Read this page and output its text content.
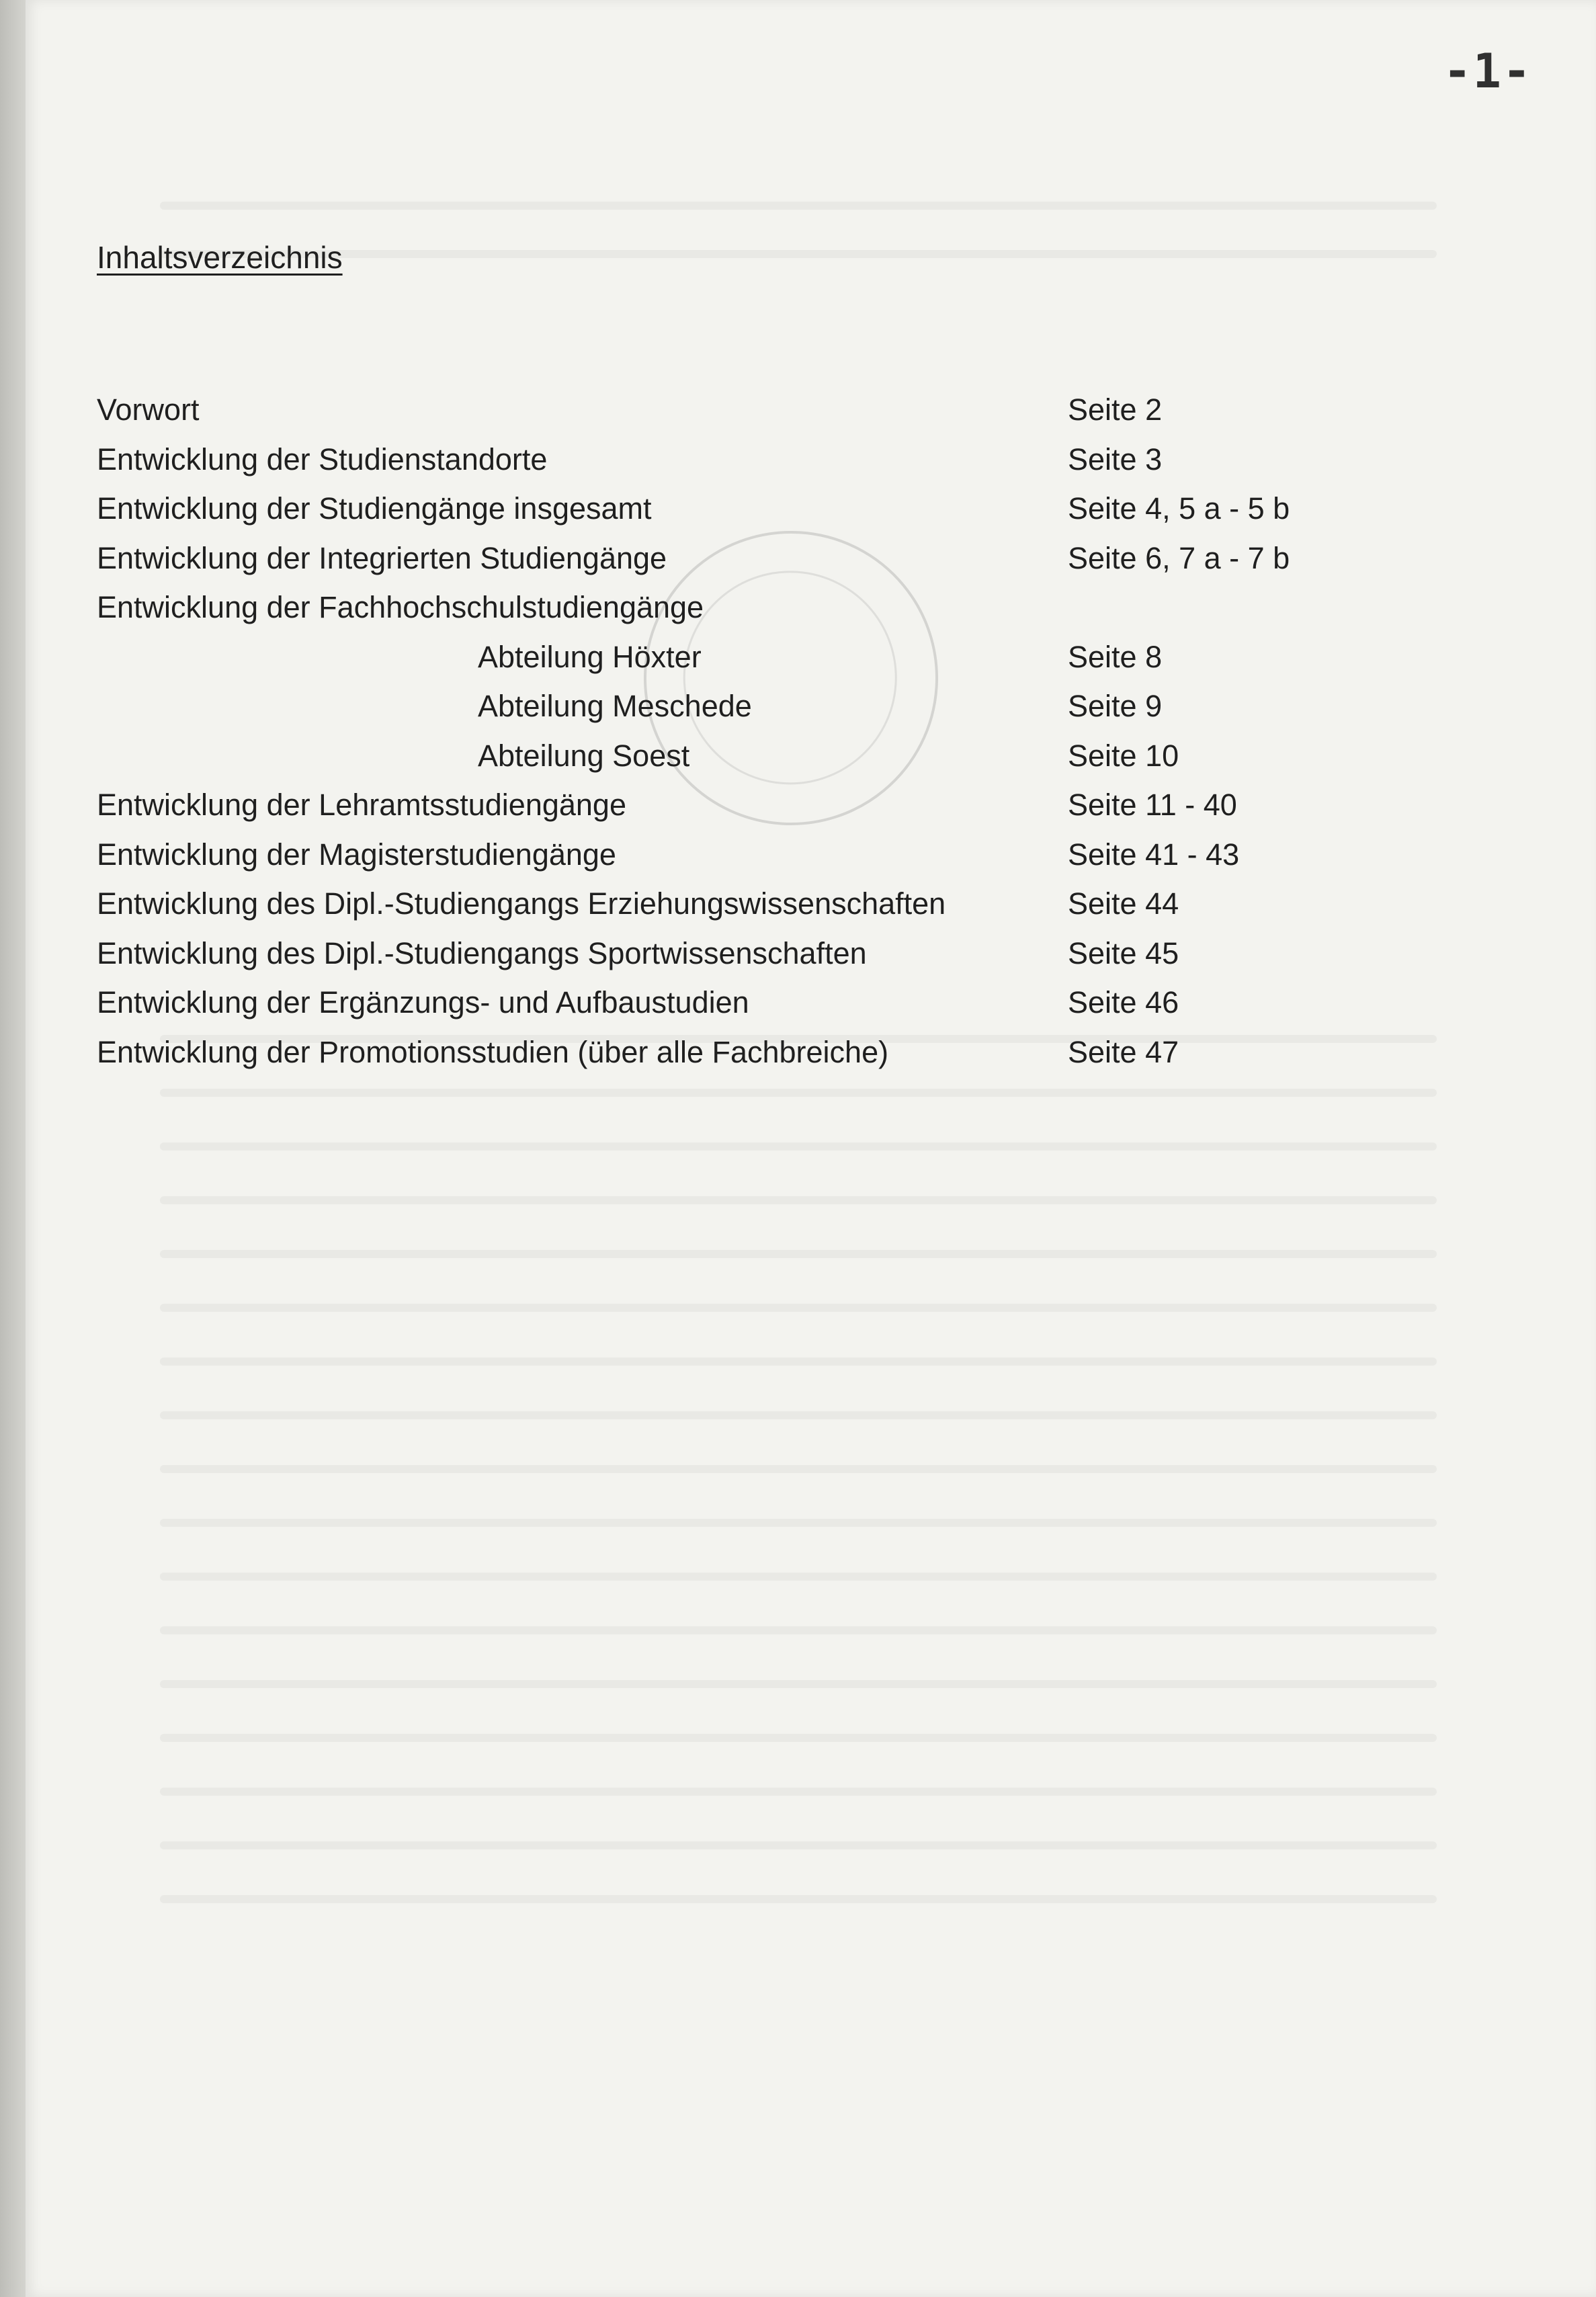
-1-
Inhaltsverzeichnis
Vorwort	Seite 2
Entwicklung der Studienstandorte	Seite 3
Entwicklung der Studiengänge insgesamt	Seite 4, 5 a - 5 b
Entwicklung der Integrierten Studiengänge	Seite 6, 7 a - 7 b
Entwicklung der Fachhochschulstudiengänge
Abteilung Höxter	Seite 8
Abteilung Meschede	Seite 9
Abteilung Soest	Seite 10
Entwicklung der Lehramtsstudiengänge	Seite 11 - 40
Entwicklung der Magisterstudiengänge	Seite 41 - 43
Entwicklung des Dipl.-Studiengangs Erziehungswissenschaften	Seite 44
Entwicklung des Dipl.-Studiengangs Sportwissenschaften	Seite 45
Entwicklung der Ergänzungs- und Aufbaustudien	Seite 46
Entwicklung der Promotionsstudien (über alle Fachbreiche)	Seite 47
